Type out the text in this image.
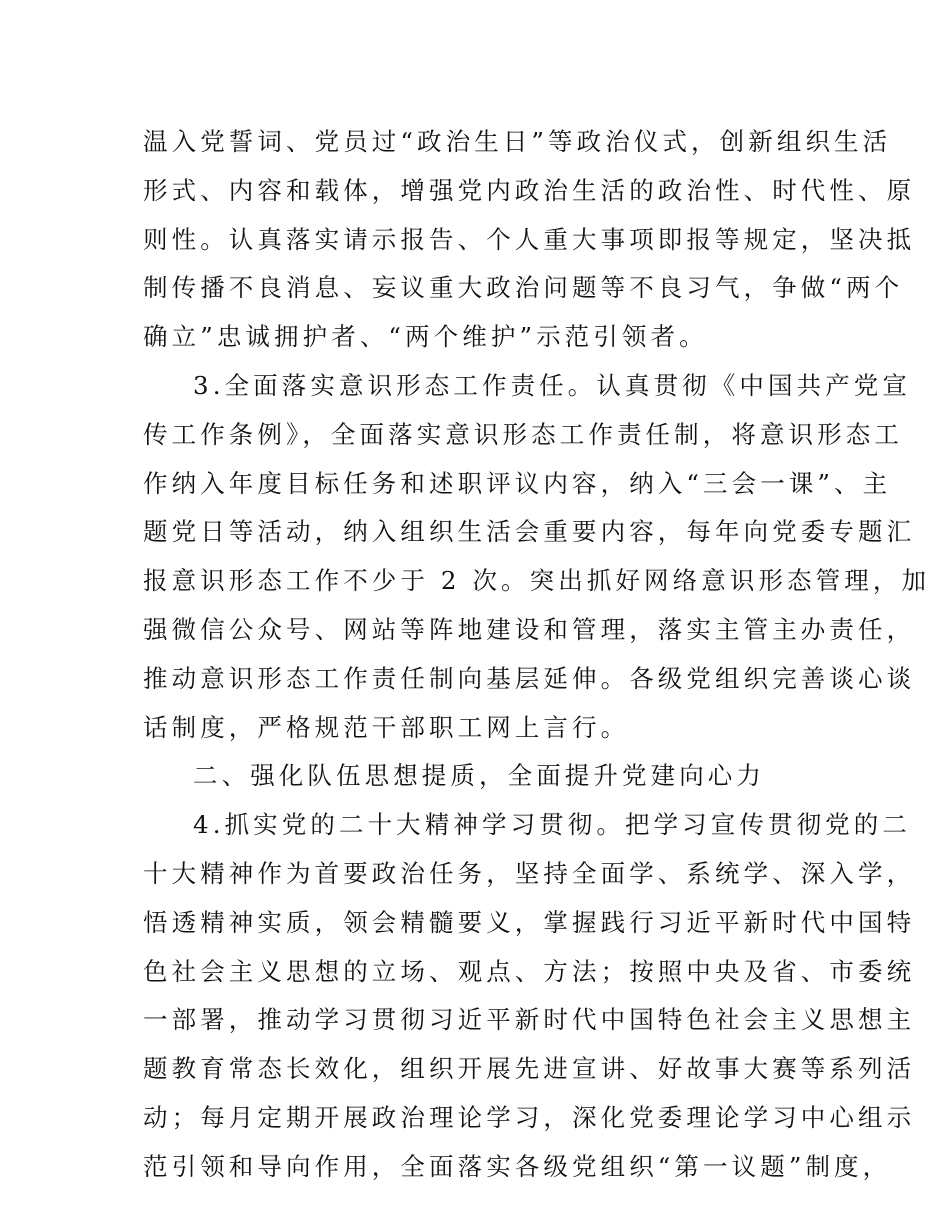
温入党誓词、党员过“政治生日”等政治仪式，创新组织生活
形式、内容和载体，增强党内政治生活的政治性、时代性、原
则性。认真落实请示报告、个人重大事项即报等规定，坚决抵
制传播不良消息、妄议重大政治问题等不良习气，争做“两个
确立”忠诚拥护者、“两个维护”示范引领者。
3.全面落实意识形态工作责任。认真贯彻《中国共产党宣
传工作条例》，全面落实意识形态工作责任制，将意识形态工
作纳入年度目标任务和述职评议内容，纳入“三会一课”、主
题党日等活动，纳入组织生活会重要内容，每年向党委专题汇
报意识形态工作不少于 2 次。突出抓好网络意识形态管理，加
强微信公众号、网站等阵地建设和管理，落实主管主办责任，
推动意识形态工作责任制向基层延伸。各级党组织完善谈心谈
话制度，严格规范干部职工网上言行。
二、强化队伍思想提质，全面提升党建向心力
4.抓实党的二十大精神学习贯彻。把学习宣传贯彻党的二
十大精神作为首要政治任务，坚持全面学、系统学、深入学，
悟透精神实质，领会精髓要义，掌握践行习近平新时代中国特
色社会主义思想的立场、观点、方法；按照中央及省、市委统
一部署，推动学习贯彻习近平新时代中国特色社会主义思想主
题教育常态长效化，组织开展先进宣讲、好故事大赛等系列活
动；每月定期开展政治理论学习，深化党委理论学习中心组示
范引领和导向作用，全面落实各级党组织“第一议题”制度，
